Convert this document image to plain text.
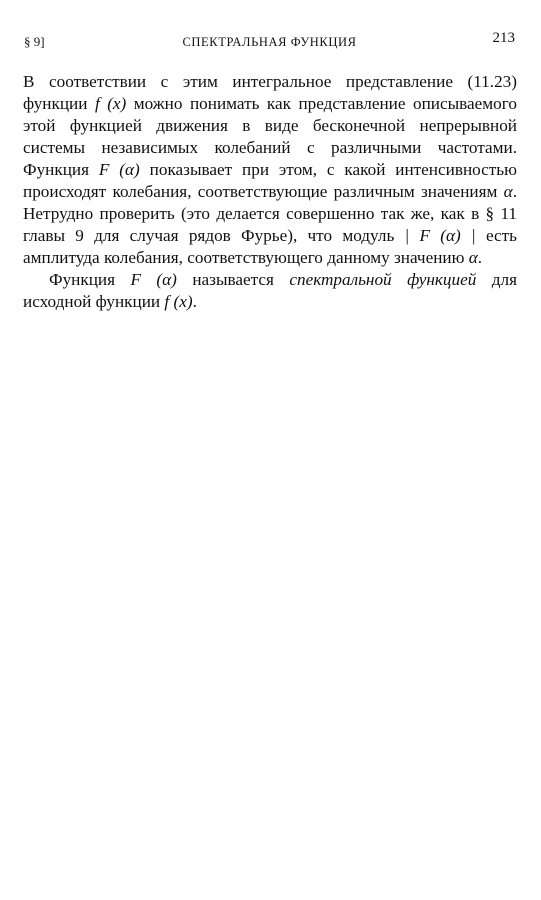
§ 9]	СПЕКТРАЛЬНАЯ ФУНКЦИЯ	213

В соответствии с этим интегральное представление (11.23) функции f (x) можно понимать как представление описываемого этой функцией движения в виде бесконечной непрерывной системы независимых колебаний с различными частотами. Функция F (α) показывает при этом, с какой интенсивностью происходят колебания, соответствующие различным значениям α. Нетрудно проверить (это делается совершенно так же, как в § 11 главы 9 для случая рядов Фурье), что модуль | F (α) | есть амплитуда колебания, соответствующего данному значению α.

Функция F (α) называется спектральной функцией для исходной функции f (x).
